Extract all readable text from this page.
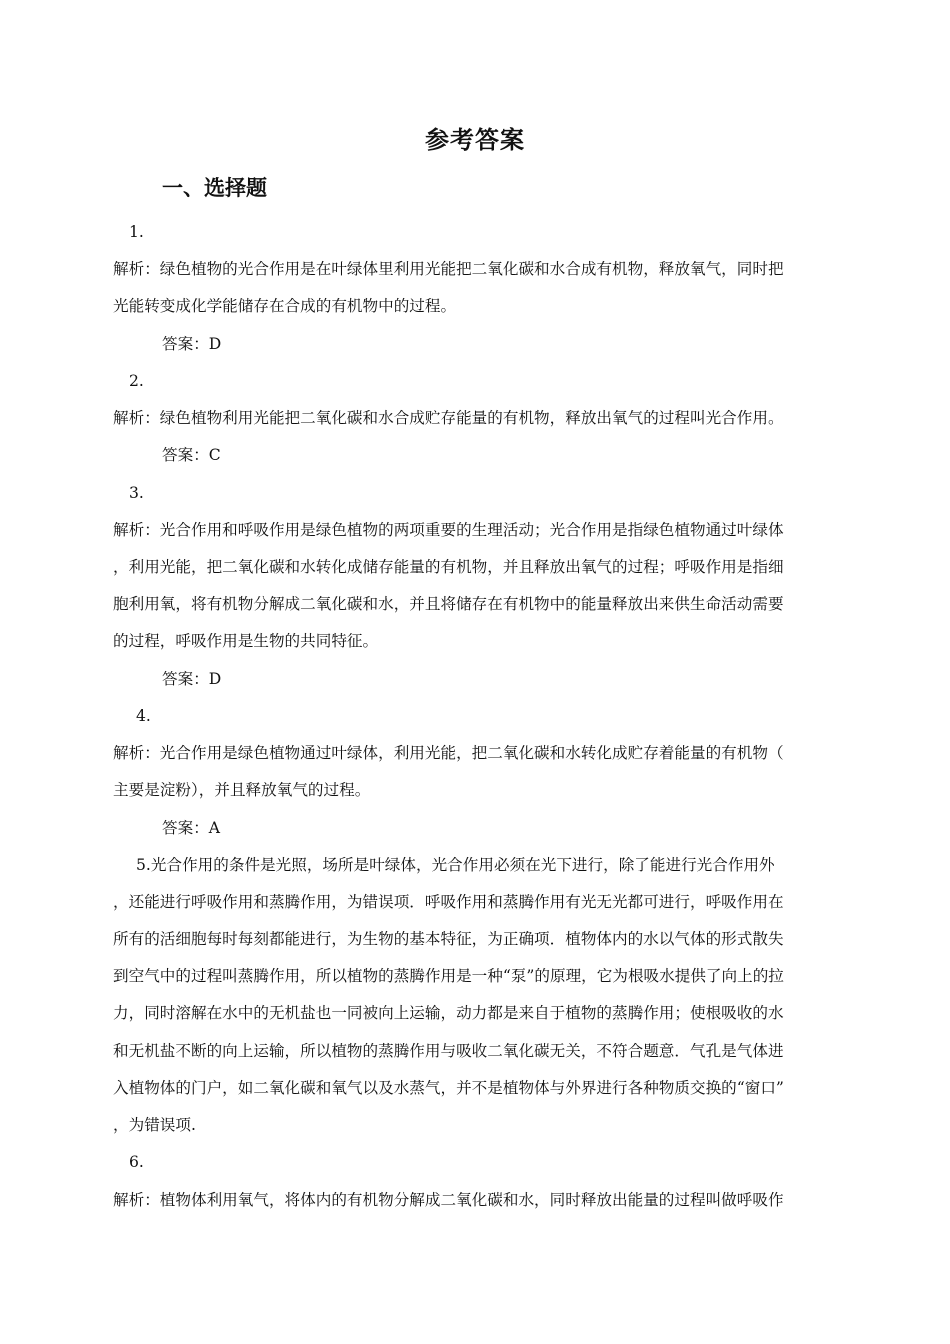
参考答案
一、选择题
1.
解析：绿色植物的光合作用是在叶绿体里利用光能把二氧化碳和水合成有机物，释放氧气，同时把
光能转变成化学能储存在合成的有机物中的过程。
答案：D
2.
解析：绿色植物利用光能把二氧化碳和水合成贮存能量的有机物，释放出氧气的过程叫光合作用。
答案：C
3.
解析：光合作用和呼吸作用是绿色植物的两项重要的生理活动；光合作用是指绿色植物通过叶绿体
，利用光能，把二氧化碳和水转化成储存能量的有机物，并且释放出氧气的过程；呼吸作用是指细
胞利用氧，将有机物分解成二氧化碳和水，并且将储存在有机物中的能量释放出来供生命活动需要
的过程，呼吸作用是生物的共同特征。
答案：D
4.
解析：光合作用是绿色植物通过叶绿体，利用光能，把二氧化碳和水转化成贮存着能量的有机物（
主要是淀粉），并且释放氧气的过程。
答案：A
5.光合作用的条件是光照，场所是叶绿体，光合作用必须在光下进行，除了能进行光合作用外
，还能进行呼吸作用和蒸腾作用，为错误项．呼吸作用和蒸腾作用有光无光都可进行，呼吸作用在
所有的活细胞每时每刻都能进行，为生物的基本特征，为正确项．植物体内的水以气体的形式散失
到空气中的过程叫蒸腾作用，所以植物的蒸腾作用是一种“泵”的原理，它为根吸水提供了向上的拉
力，同时溶解在水中的无机盐也一同被向上运输，动力都是来自于植物的蒸腾作用；使根吸收的水
和无机盐不断的向上运输，所以植物的蒸腾作用与吸收二氧化碳无关，不符合题意．气孔是气体进
入植物体的门户，如二氧化碳和氧气以及水蒸气，并不是植物体与外界进行各种物质交换的“窗口”
，为错误项.
6.
解析：植物体利用氧气，将体内的有机物分解成二氧化碳和水，同时释放出能量的过程叫做呼吸作
